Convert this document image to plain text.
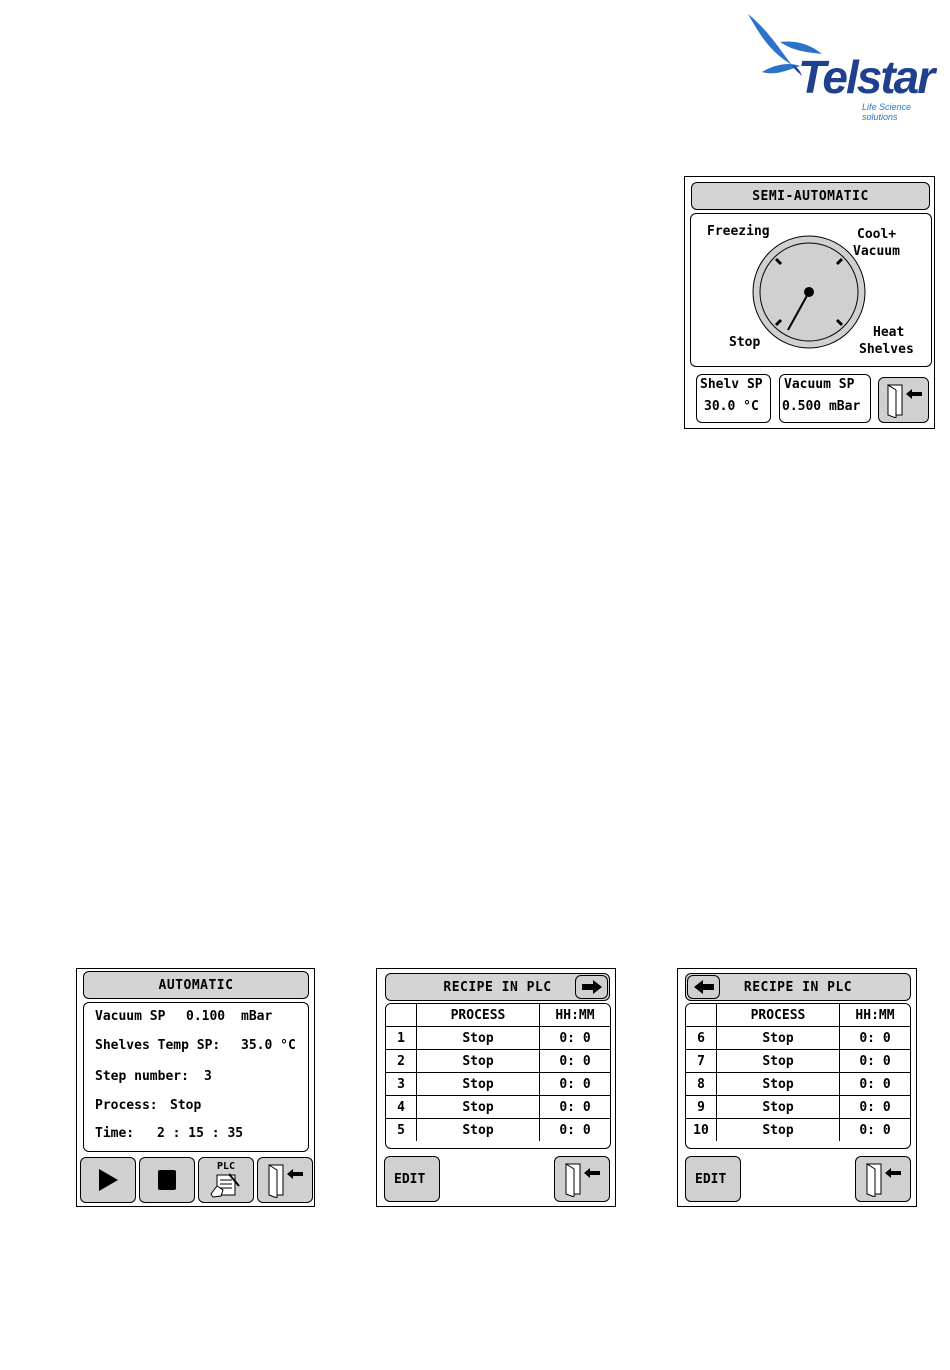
Telstar
Life Science solutions
SEMI-AUTOMATIC
Freezing	Cool+
Vacuum
Stop
Heat
Shelves
Shelv SP
30.0 °C
Vacuum SP
0.500 mBar
AUTOMATIC
Vacuum SP 0.100 mBar
Shelves Temp SP: 35.0 °C
Step number: 3
Process: Stop
Time: 2 : 15 : 35
PLC
RECIPE IN PLC
	PROCESS	HH:MM
1	Stop	0: 0
2	Stop	0: 0
3	Stop	0: 0
4	Stop	0: 0
5	Stop	0: 0
EDIT
RECIPE IN PLC
	PROCESS	HH:MM
6	Stop	0: 0
7	Stop	0: 0
8	Stop	0: 0
9	Stop	0: 0
10	Stop	0: 0
EDIT
